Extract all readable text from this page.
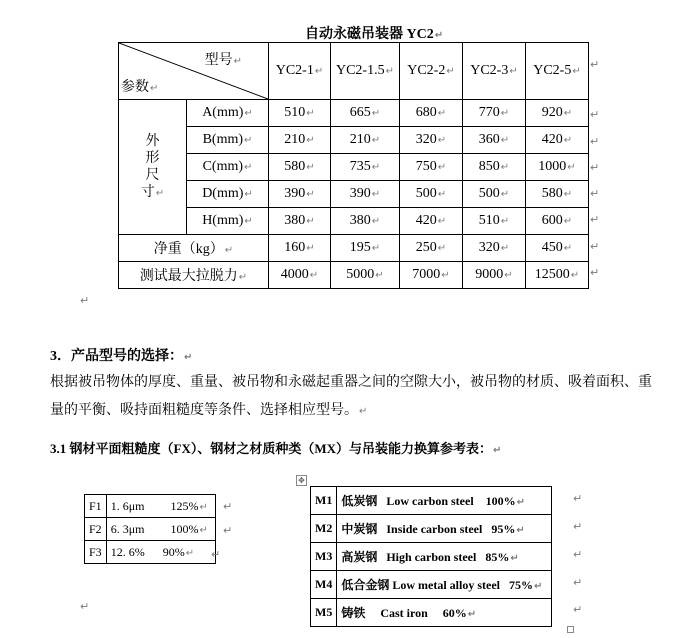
自动永磁吊装器 YC2↵
型号↵
参数↵		YC2-1↵	YC2-1.5↵	YC2-2↵	YC2-3↵	YC2-5↵
外
形
尺
寸↵	A(mm)↵	510↵	665↵	680↵	770↵	920↵
	B(mm)↵	210↵	210↵	320↵	360↵	420↵
	C(mm)↵	580↵	735↵	750↵	850↵	1000↵
	D(mm)↵	390↵	390↵	500↵	500↵	580↵
	H(mm)↵	380↵	380↵	420↵	510↵	600↵
净重（kg）↵		160↵	195↵	250↵	320↵	450↵
测试最大拉脱力↵		4000↵	5000↵	7000↵	9000↵	12500↵
↵
↵
↵
↵
↵
↵
↵
↵
↵
3．产品型号的选择：↵
根据被吊物体的厚度、重量、被吊物和永磁起重器之间的空隙大小，被吊物的材质、吸着面积、重量的平衡、吸持面粗糙度等条件、选择相应型号。↵
3.1 钢材平面粗糙度（FX）、钢材之材质种类（MX）与吊装能力换算参考表：↵
✥
F1	1. 6μm 125%↵
F2	6. 3μm 100%↵
F3	12. 6% 90%↵
↵
M1	低炭钢 Low carbon steel 100%↵
M2	中炭钢 Inside carbon steel 95%↵
M3	高炭钢 High carbon steel 85%↵
M4	低合金钢 Low metal alloy steel 75%↵
M5	铸铁 Cast iron 60%↵
↵
↵
↵
↵
↵
↵
↵
↵
